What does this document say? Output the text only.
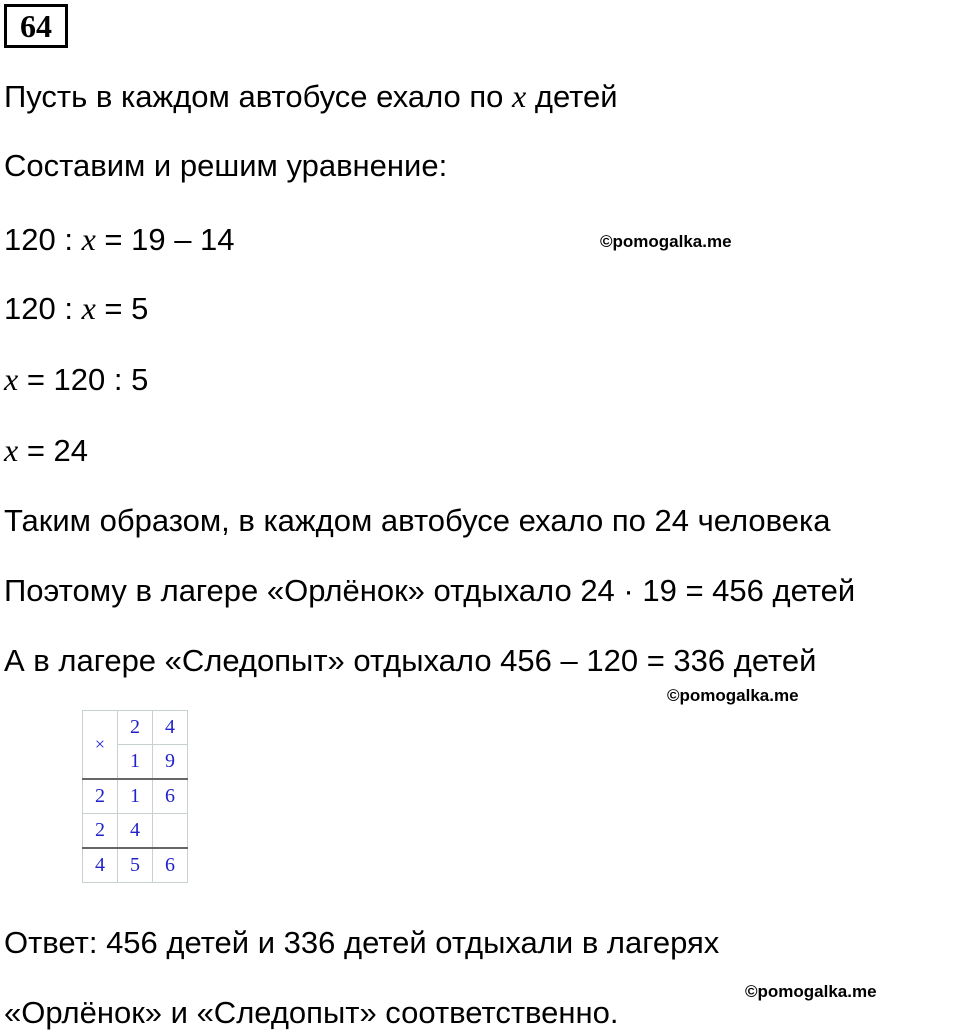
64
Пусть в каждом автобусе ехало по x детей
Составим и решим уравнение:
120 : x = 19 – 14	©pomogalka.me
120 : x = 5
x = 120 : 5
x = 24
Таким образом, в каждом автобусе ехало по 24 человека
Поэтому в лагере «Орлёнок» отдыхало 24 · 19 = 456 детей
А в лагере «Следопыт» отдыхало 456 – 120 = 336 детей
©pomogalka.me
×	2	4
	1	9
2	1	6
2	4	
4	5	6
Ответ: 456 детей и 336 детей отдыхали в лагерях
©pomogalka.me
«Орлёнок» и «Следопыт» соответственно.
